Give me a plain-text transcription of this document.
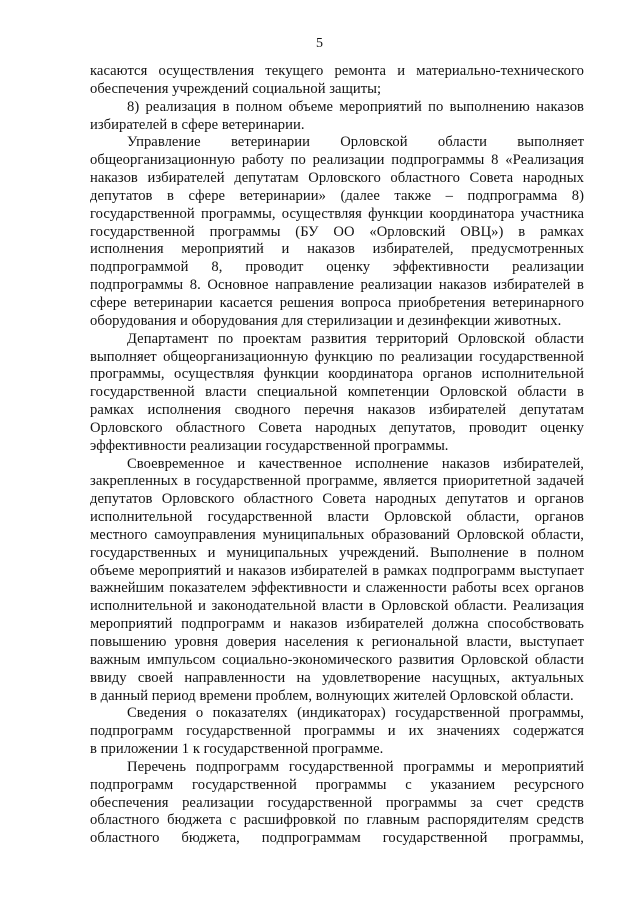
5
касаются осуществления текущего ремонта и материально-технического
обеспечения учреждений социальной защиты;
8) реализация в полном объеме мероприятий по выполнению наказов
избирателей в сфере ветеринарии.
Управление ветеринарии Орловской области выполняет
общеорганизационную работу по реализации подпрограммы 8 «Реализация
наказов избирателей депутатам Орловского областного Совета народных
депутатов в сфере ветеринарии» (далее также – подпрограмма 8)
государственной программы, осуществляя функции координатора участника
государственной программы (БУ ОО «Орловский ОВЦ») в рамках
исполнения мероприятий и наказов избирателей, предусмотренных
подпрограммой 8, проводит оценку эффективности реализации
подпрограммы 8. Основное направление реализации наказов избирателей в
сфере ветеринарии касается решения вопроса приобретения ветеринарного
оборудования и оборудования для стерилизации и дезинфекции животных.
Департамент по проектам развития территорий Орловской области
выполняет общеорганизационную функцию по реализации государственной
программы, осуществляя функции координатора органов исполнительной
государственной власти специальной компетенции Орловской области в
рамках исполнения сводного перечня наказов избирателей депутатам
Орловского областного Совета народных депутатов, проводит оценку
эффективности реализации государственной программы.
Своевременное и качественное исполнение наказов избирателей,
закрепленных в государственной программе, является приоритетной задачей
депутатов Орловского областного Совета народных депутатов и органов
исполнительной государственной власти Орловской области, органов
местного самоуправления муниципальных образований Орловской области,
государственных и муниципальных учреждений. Выполнение в полном
объеме мероприятий и наказов избирателей в рамках подпрограмм выступает
важнейшим показателем эффективности и слаженности работы всех органов
исполнительной и законодательной власти в Орловской области. Реализация
мероприятий подпрограмм и наказов избирателей должна способствовать
повышению уровня доверия населения к региональной власти, выступает
важным импульсом социально-экономического развития Орловской области
ввиду своей направленности на удовлетворение насущных, актуальных
в данный период времени проблем, волнующих жителей Орловской области.
Сведения о показателях (индикаторах) государственной программы,
подпрограмм государственной программы и их значениях содержатся
в приложении 1 к государственной программе.
Перечень подпрограмм государственной программы и мероприятий
подпрограмм государственной программы с указанием ресурсного
обеспечения реализации государственной программы за счет средств
областного бюджета с расшифровкой по главным распорядителям средств
областного бюджета, подпрограммам государственной программы,
